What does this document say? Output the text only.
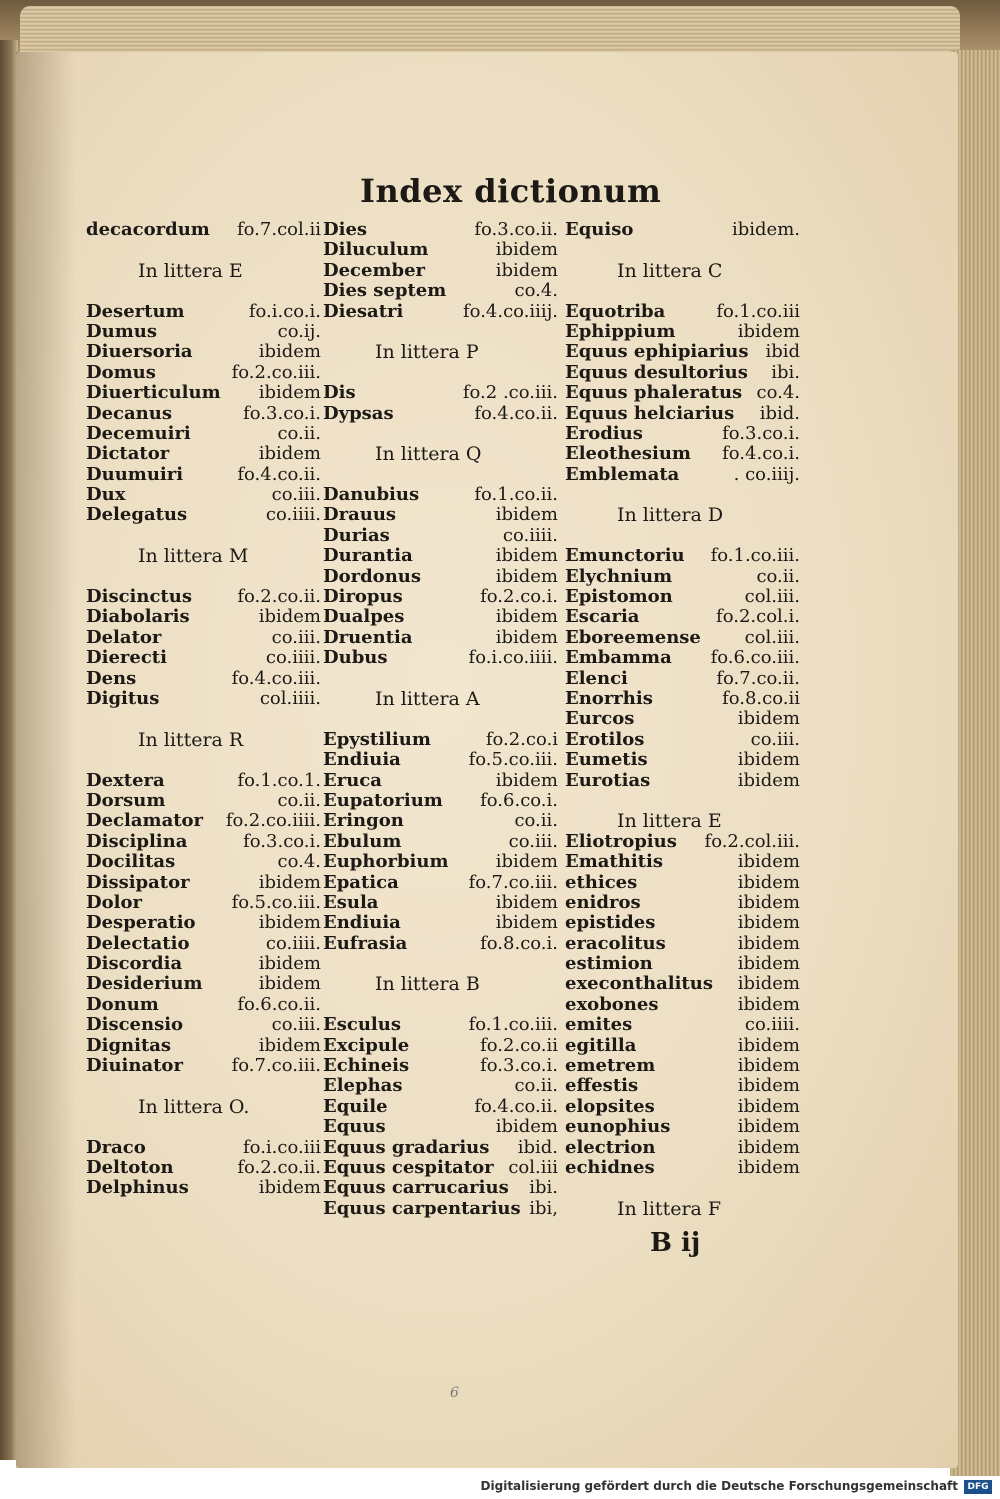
Index dictionum
decacordum fo.7.col.ii
In littera E
Desertum	fo.i.co.i.
Dumus	co.ij.
Diuersoria	ibidem
Domus	fo.2.co.iii.
Diuerticulum ibidem
Decanus	fo.3.co.i.
Decemuiri	co.ii.
Dictator	ibidem
Duumuiri	fo.4.co.ii.
Dux	co.iii.
Delegatus	co.iiii.
In littera M
Discinctus	fo.2.co.ii.
Diabolaris	ibidem
Delator	co.iii.
Dierecti	co.iiii.
Dens	fo.4.co.iii.
Digitus	col.iiii.
In littera R
Dextera	fo.1.co.1.
Dorsum	co.ii.
Declamator fo.2.co.iiii.
Disciplina	fo.3.co.i.
Docilitas	co.4.
Dissipator	ibidem
Dolor	fo.5.co.iii.
Desperatio	ibidem
Delectatio	co.iiii.
Discordia	ibidem
Desiderium	ibidem
Donum	fo.6.co.ii.
Discensio	co.iii.
Dignitas	ibidem
Diuinator	fo.7.co.iii.
In littera O.
Draco	fo.i.co.iii
Deltoton	fo.2.co.ii.
Delphinus	ibidem
Dies	fo.3.co.ii.
Diluculum	ibidem
December	ibidem
Dies septem	co.4.
Diesatri	fo.4.co.iiij.
In littera P
Dis	fo.2 .co.iii.
Dypsas	fo.4.co.ii.
In littera Q
Danubius	fo.1.co.ii.
Drauus	ibidem
Durias	co.iiii.
Durantia	ibidem
Dordonus	ibidem
Diropus	fo.2.co.i.
Dualpes	ibidem
Druentia	ibidem
Dubus	fo.i.co.iiii.
In littera A
Epystilium	fo.2.co.i
Endiuia	fo.5.co.iii.
Eruca	ibidem
Eupatorium fo.6.co.i.
Eringon	co.ii.
Ebulum	co.iii.
Euphorbium	ibidem
Epatica	fo.7.co.iii.
Esula	ibidem
Endiuia	ibidem
Eufrasia	fo.8.co.i.
In littera B
Esculus	fo.1.co.iii.
Excipule	fo.2.co.ii
Echineis	fo.3.co.i.
Elephas	co.ii.
Equile	fo.4.co.ii.
Equus	ibidem
Equus gradarius ibid.
Equus cespitator col.iii
Equus carrucarius ibi.
Equus carpentarius ibi,
Equiso	ibidem.
In littera C
Equotriba	fo.1.co.iii
Ephippium	ibidem
Equus ephipiarius ibid
Equus desultorius ibi.
Equus phaleratus co.4.
Equus helciarius ibid.
Erodius	fo.3.co.i.
Eleothesium fo.4.co.i.
Emblemata	. co.iiij.
In littera D
Emunctoriu fo.1.co.iii.
Elychnium	co.ii.
Epistomon	col.iii.
Escaria	fo.2.col.i.
Eboreemense col.iii.
Embamma fo.6.co.iii.
Elenci	fo.7.co.ii.
Enorrhis	fo.8.co.ii
Eurcos	ibidem
Erotilos	co.iii.
Eumetis	ibidem
Eurotias	ibidem
In littera E
Eliotropius fo.2.col.iii.
Emathitis	ibidem
ethices	ibidem
enidros	ibidem
epistides	ibidem
eracolitus	ibidem
estimion	ibidem
execonthalitus ibidem
exobones	ibidem
emites	co.iiii.
egitilla	ibidem
emetrem	ibidem
effestis	ibidem
elopsites	ibidem
eunophius	ibidem
electrion	ibidem
echidnes	ibidem
In littera F
B ij
6
Digitalisierung gefördert durch die Deutsche Forschungsgemeinschaft	DFG
